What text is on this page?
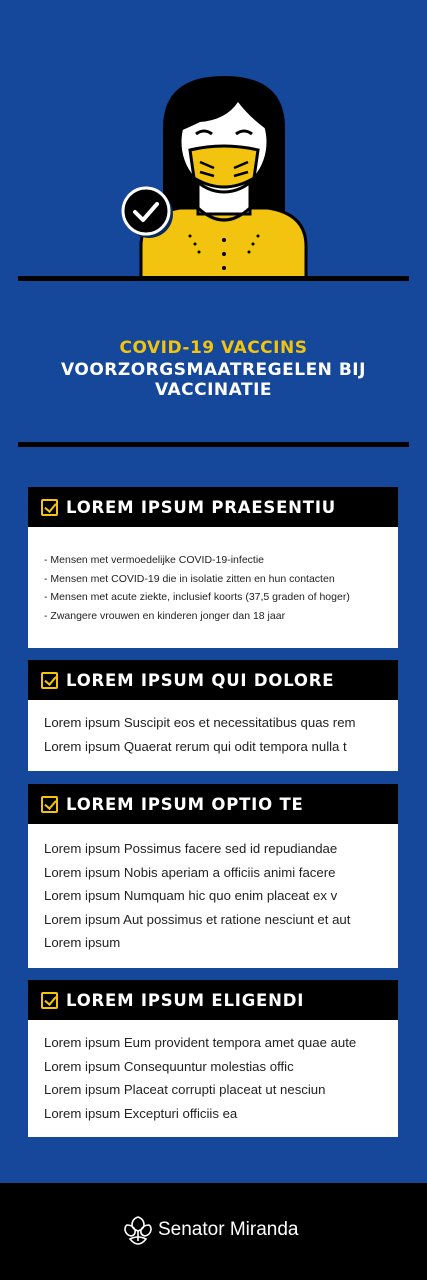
COVID-19 VACCINS
VOORZORGSMAATREGELEN BIJ VACCINATIE
LOREM IPSUM PRAESENTIU

- Mensen met vermoedelijke COVID-19-infectie

- Mensen met COVID-19 die in isolatie zitten en hun contacten

- Mensen met acute ziekte, inclusief koorts (37,5 graden of hoger)

- Zwangere vrouwen en kinderen jonger dan 18 jaar

LOREM IPSUM QUI DOLORE

Lorem ipsum Suscipit eos et necessitatibus quas rem

Lorem ipsum Quaerat rerum qui odit tempora nulla t

LOREM IPSUM OPTIO TE

Lorem ipsum Possimus facere sed id repudiandae

Lorem ipsum Nobis aperiam a officiis animi facere

Lorem ipsum Numquam hic quo enim placeat ex v

Lorem ipsum Aut possimus et ratione nesciunt et aut

Lorem ipsum

LOREM IPSUM ELIGENDI

Lorem ipsum Eum provident tempora amet quae aute

Lorem ipsum Consequuntur molestias offic

Lorem ipsum Placeat corrupti placeat ut nesciun

Lorem ipsum Excepturi officiis ea

Senator Miranda
